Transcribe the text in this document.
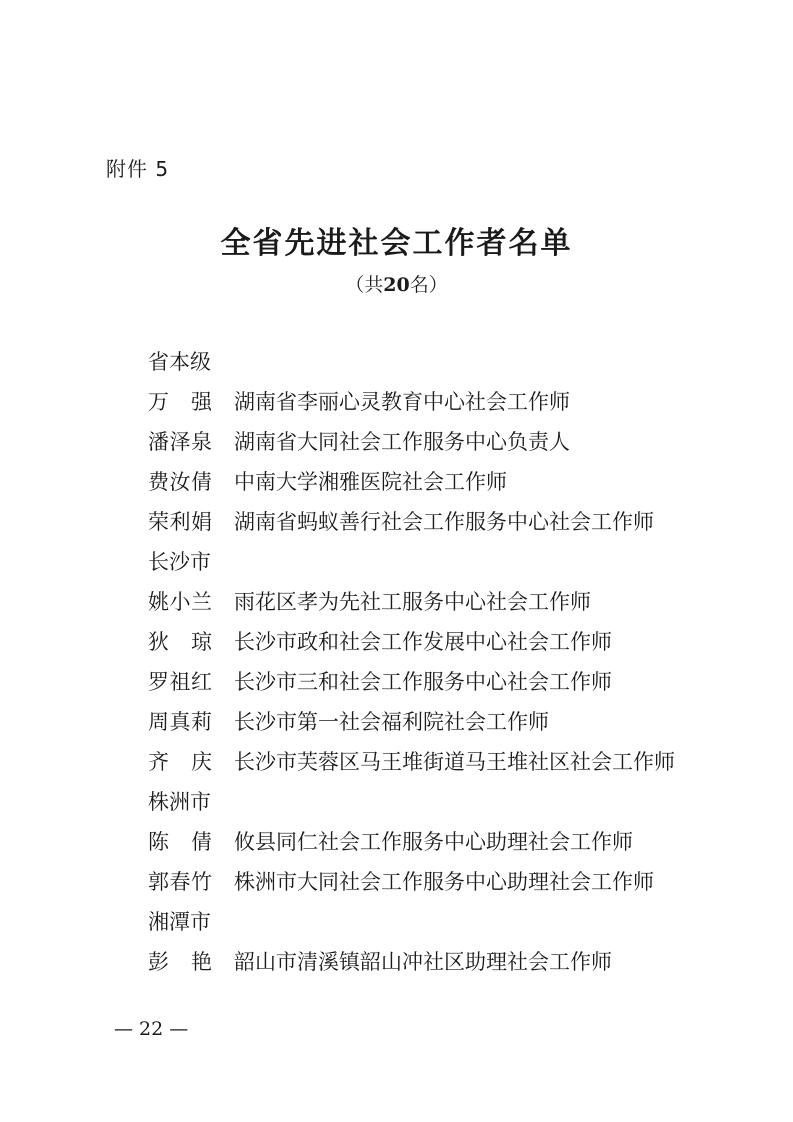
附件 5
全省先进社会工作者名单
（共20名）
省本级
万 强 湖南省李丽心灵教育中心社会工作师
潘泽泉 湖南省大同社会工作服务中心负责人
费汝倩 中南大学湘雅医院社会工作师
荣利娟 湖南省蚂蚁善行社会工作服务中心社会工作师
长沙市
姚小兰 雨花区孝为先社工服务中心社会工作师
狄 琼 长沙市政和社会工作发展中心社会工作师
罗祖红 长沙市三和社会工作服务中心社会工作师
周真莉 长沙市第一社会福利院社会工作师
齐 庆 长沙市芙蓉区马王堆街道马王堆社区社会工作师
株洲市
陈 倩 攸县同仁社会工作服务中心助理社会工作师
郭春竹 株洲市大同社会工作服务中心助理社会工作师
湘潭市
彭 艳 韶山市清溪镇韶山冲社区助理社会工作师
— 22 —
